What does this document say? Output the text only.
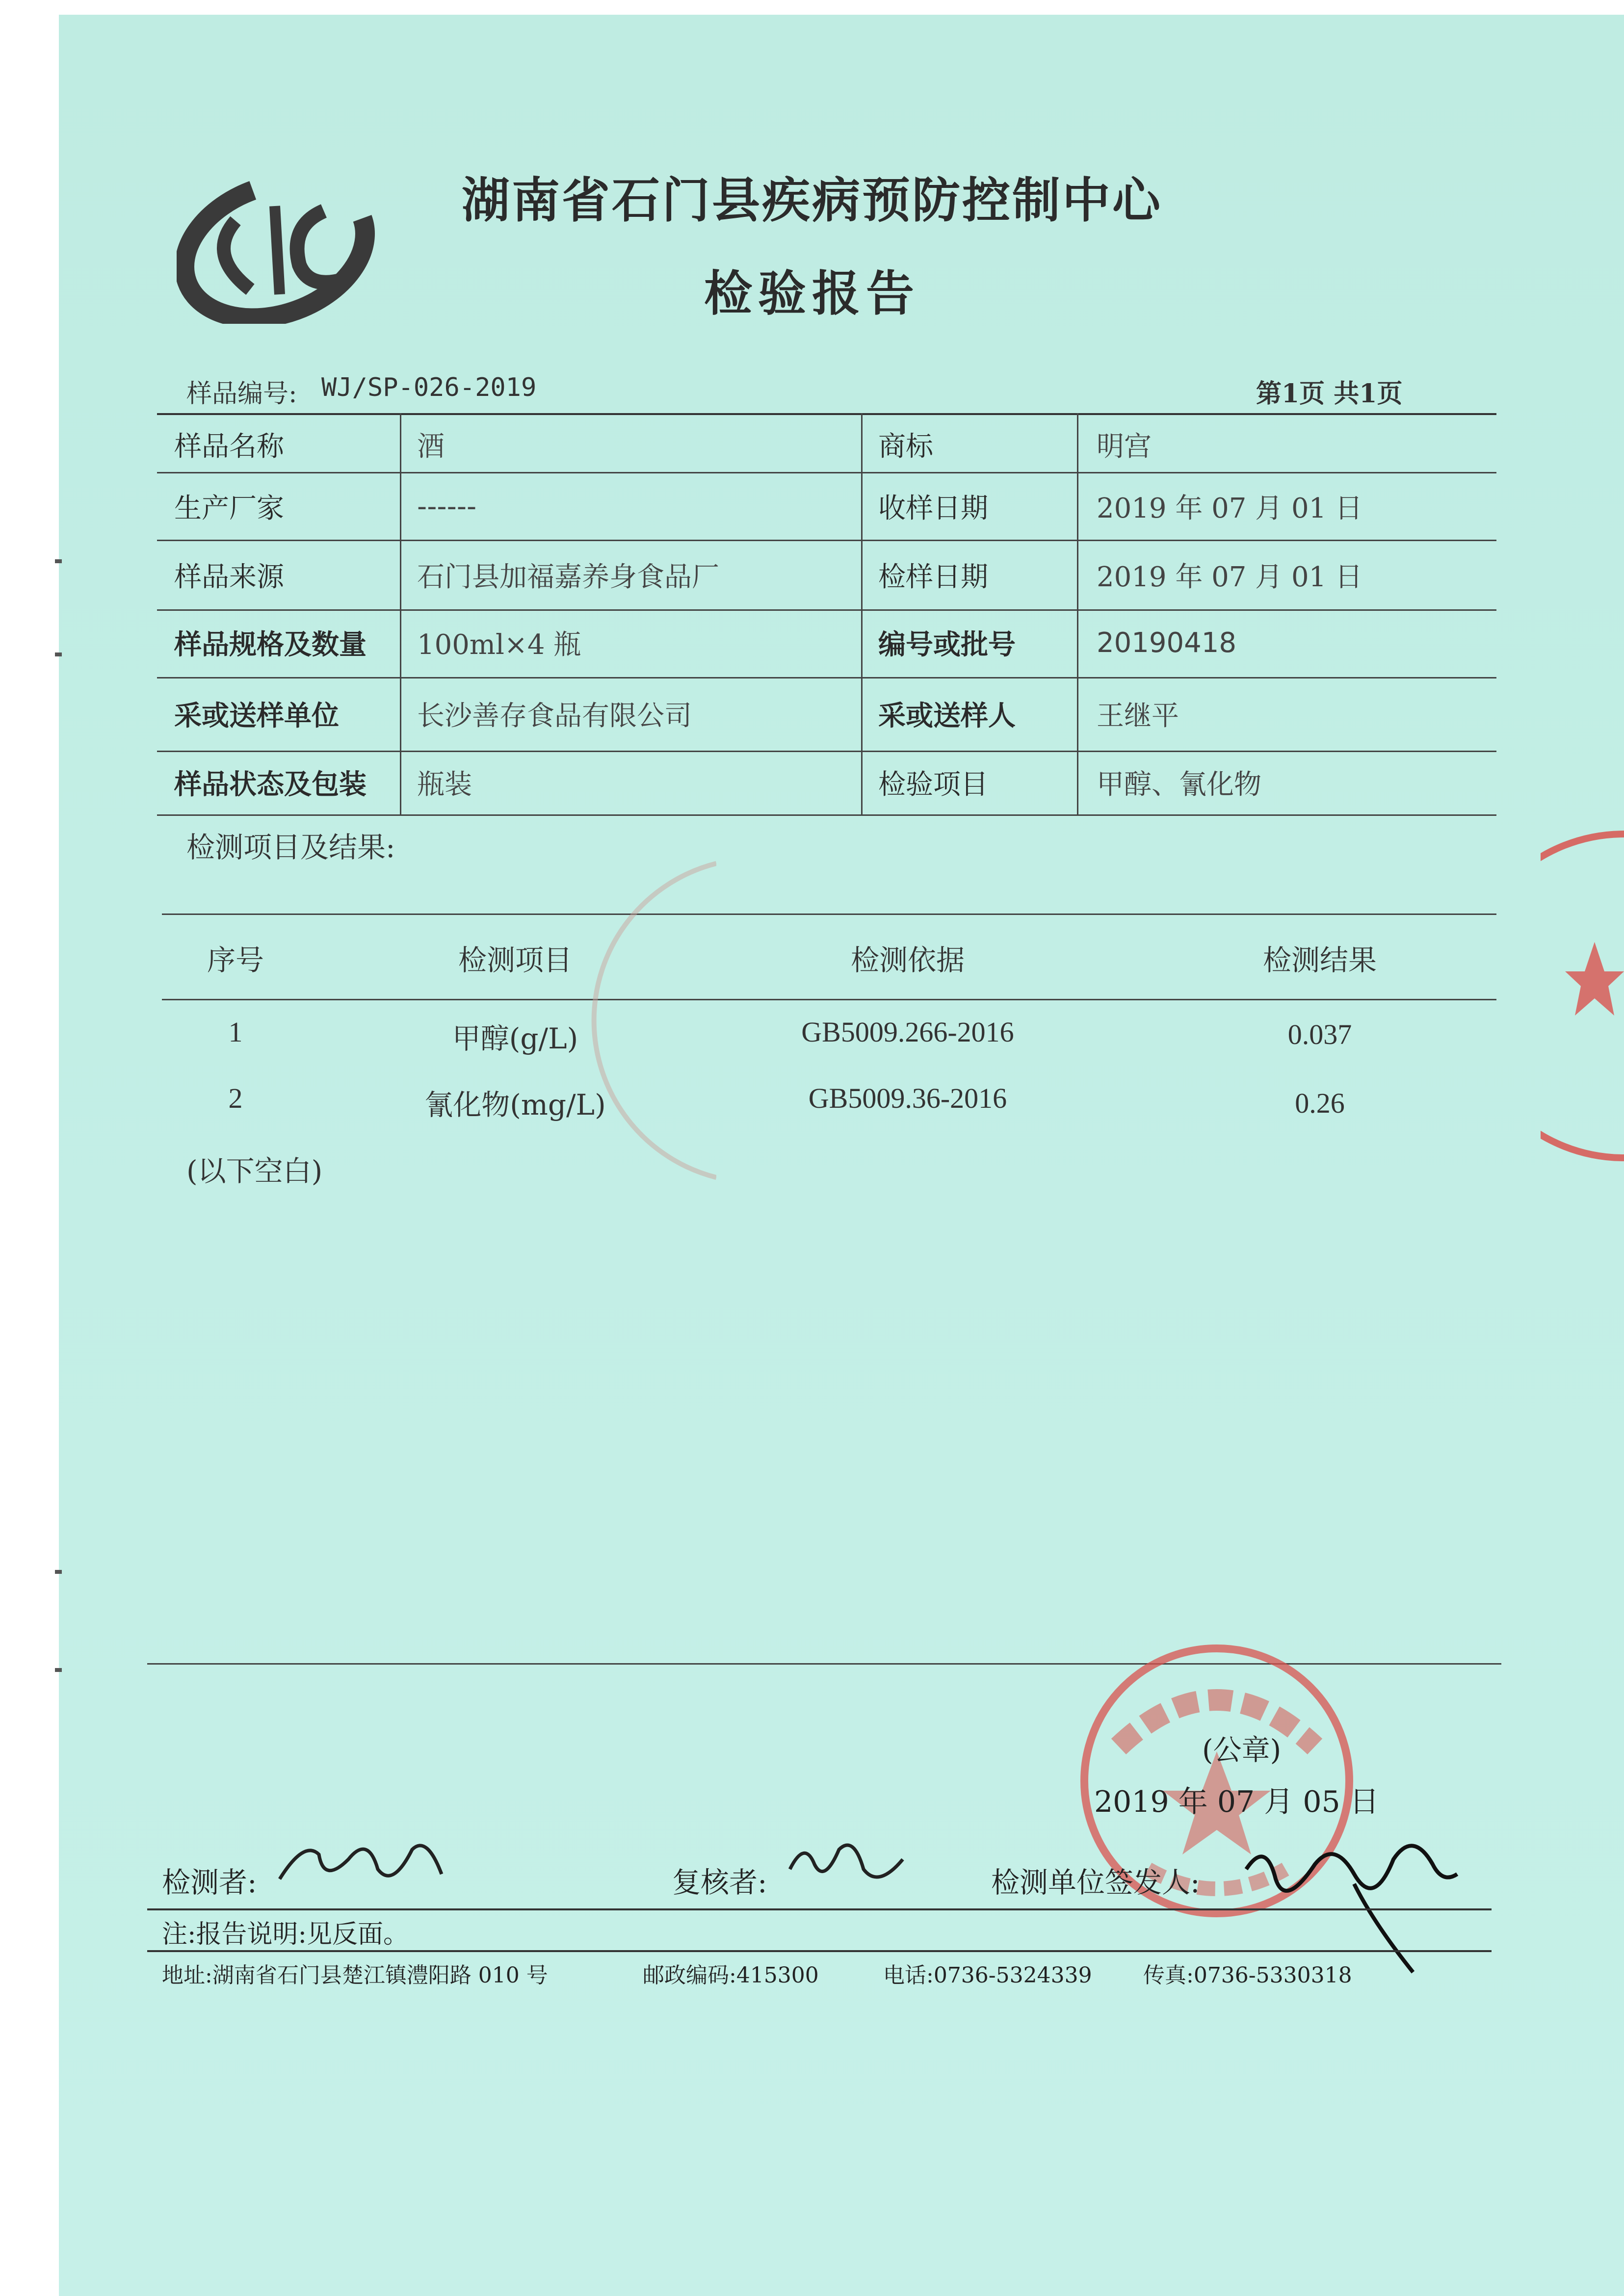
湖南省石门县疾病预防控制中心
检验报告
样品编号: WJ/SP-026-2019	第1页 共1页
样品名称	酒	商标	明宫
生产厂家	------	收样日期	2019 年 07 月 01 日
样品来源	石门县加福嘉养身食品厂	检样日期	2019 年 07 月 01 日
样品规格及数量	100ml×4 瓶	编号或批号	20190418
采或送样单位	长沙善存食品有限公司	采或送样人	王继平
样品状态及包装	瓶装	检验项目	甲醇、氰化物
检测项目及结果:
序号	检测项目	检测依据	检测结果
1	甲醇(g/L)	GB5009.266-2016	0.037
2	氰化物(mg/L)	GB5009.36-2016	0.26
(以下空白)
(公章)
2019 年 07 月 05 日
检测者:	复核者:	检测单位签发人:
注:报告说明:见反面。
地址:湖南省石门县楚江镇澧阳路 010 号	邮政编码:415300	电话:0736-5324339 传真:0736-5330318
